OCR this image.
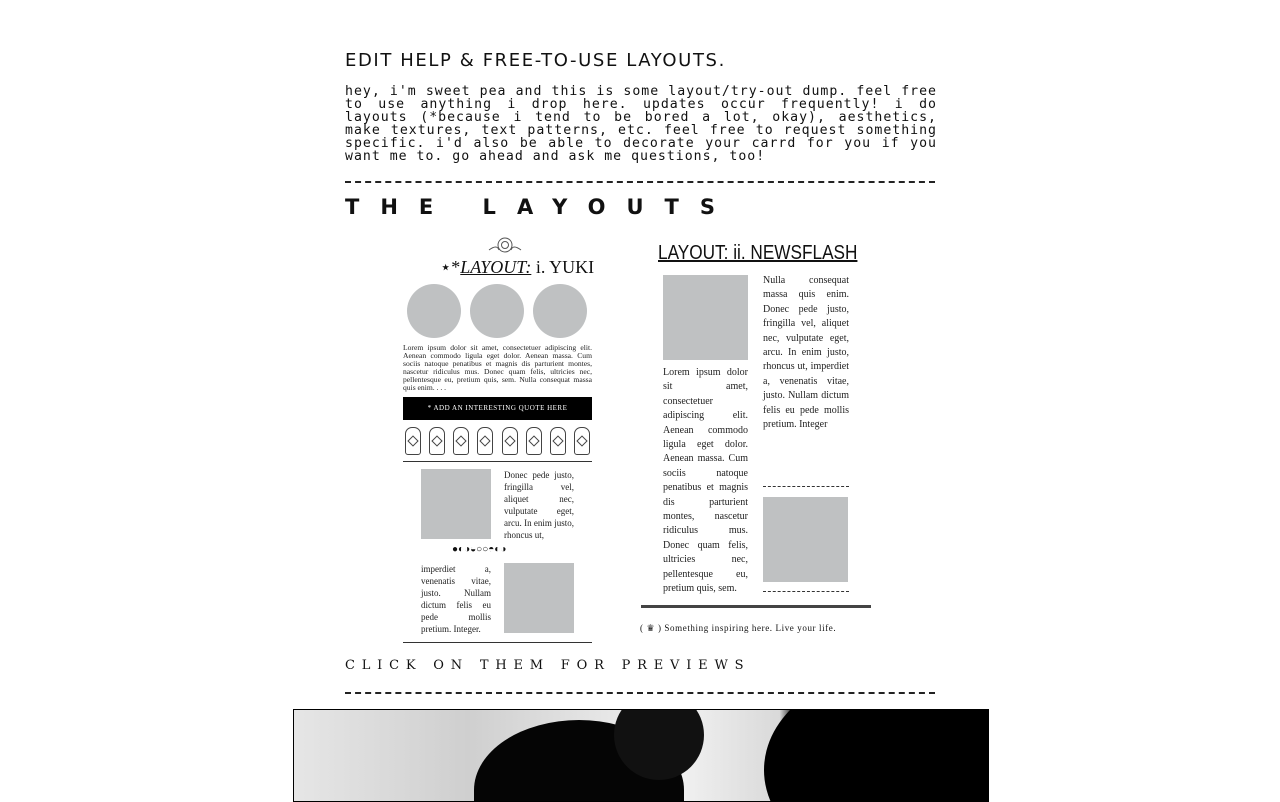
EDIT HELP & FREE-TO-USE LAYOUTS.
hey, i'm sweet pea and this is some layout/try-out dump. feel free to use anything i drop here. updates occur frequently! i do layouts (*because i tend to be bored a lot, okay), aesthetics, make textures, text patterns, etc. feel free to request something specific. i'd also be able to decorate your carrd for you if you want me to. go ahead and ask me questions, too!
THE LAYOUTS
⋆*LAYOUT: i. YUKI
Lorem ipsum dolor sit amet, consectetuer adipiscing elit. Aenean commodo ligula eget dolor. Aenean massa. Cum sociis natoque penatibus et magnis dis parturient montes, nascetur ridiculus mus. Donec quam felis, ultricies nec, pellentesque eu, pretium quis, sem. Nulla consequat massa quis enim. . . .
* ADD AN INTERESTING QUOTE HERE
Donec pede justo, fringilla vel, aliquet nec, vulputate eget, arcu. In enim justo, rhoncus ut,
●◐◑◒○○◓◐◑
imperdiet a, venenatis vitae, justo. Nullam dictum felis eu pede mollis pretium. Integer.
LAYOUT: ii. NEWSFLASH
Nulla consequat massa quis enim. Donec pede justo, fringilla vel, aliquet nec, vulputate eget, arcu. In enim justo, rhoncus ut, imperdiet a, venenatis vitae, justo. Nullam dictum felis eu pede mollis pretium. Integer
Lorem ipsum dolor sit amet, consectetuer adipiscing elit. Aenean commodo ligula eget dolor. Aenean massa. Cum sociis natoque penatibus et magnis dis parturient montes, nascetur ridiculus mus. Donec quam felis, ultricies nec, pellentesque eu, pretium quis, sem.
( ♛ ) Something inspiring here. Live your life.
CLICK ON THEM FOR PREVIEWS
